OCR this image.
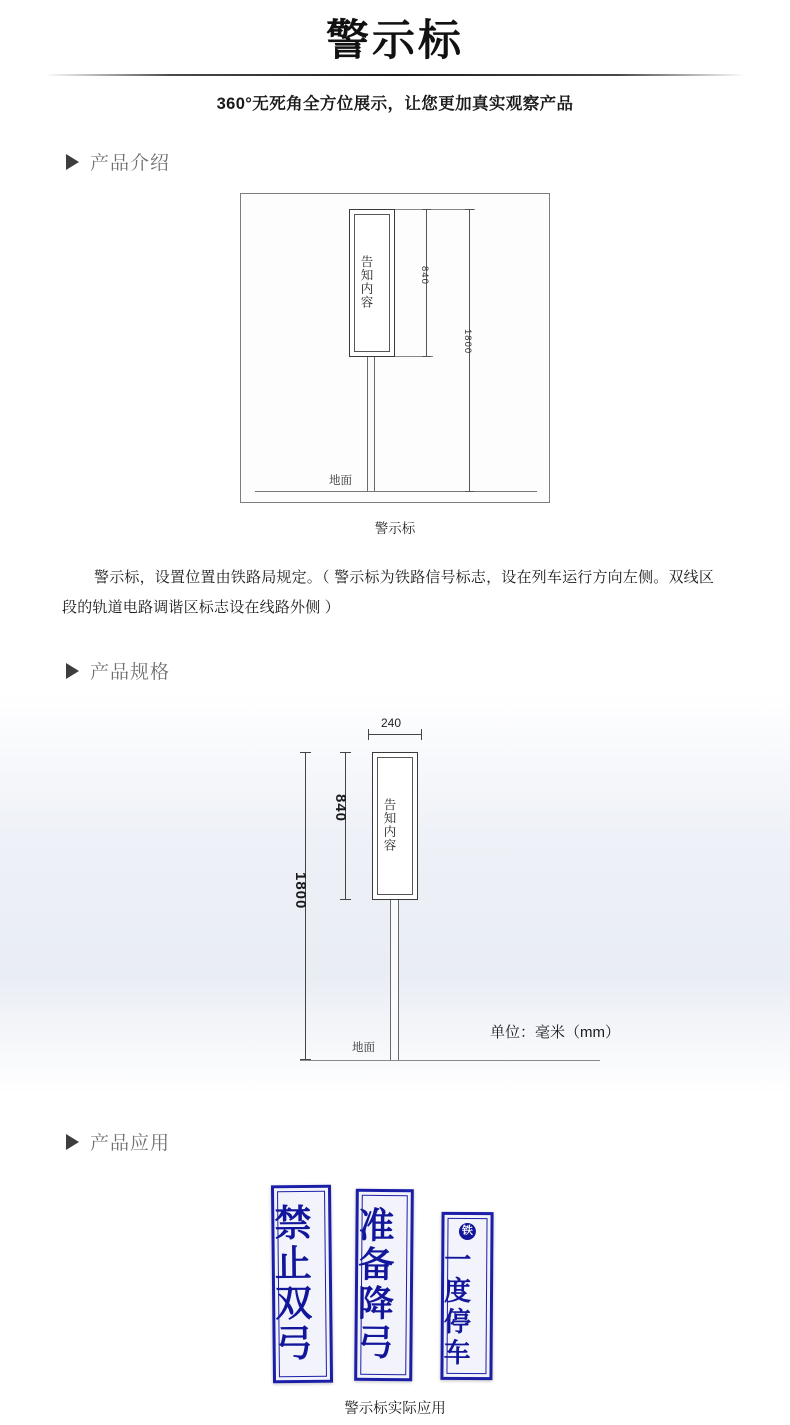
警示标
360°无死角全方位展示，让您更加真实观察产品
产品介绍
告知内容
地面
840
1800
警示标

警示标，设置位置由铁路局规定。（ 警示标为铁路信号标志，设在列车运行方向左侧。双线区段的轨道电路调谐区标志设在线路外侧 ）

产品规格
240
告知内容
地面
840
1800
单位：毫米（mm）
产品应用
禁止双弓
准备降弓
铁
一度停车
警示标实际应用
